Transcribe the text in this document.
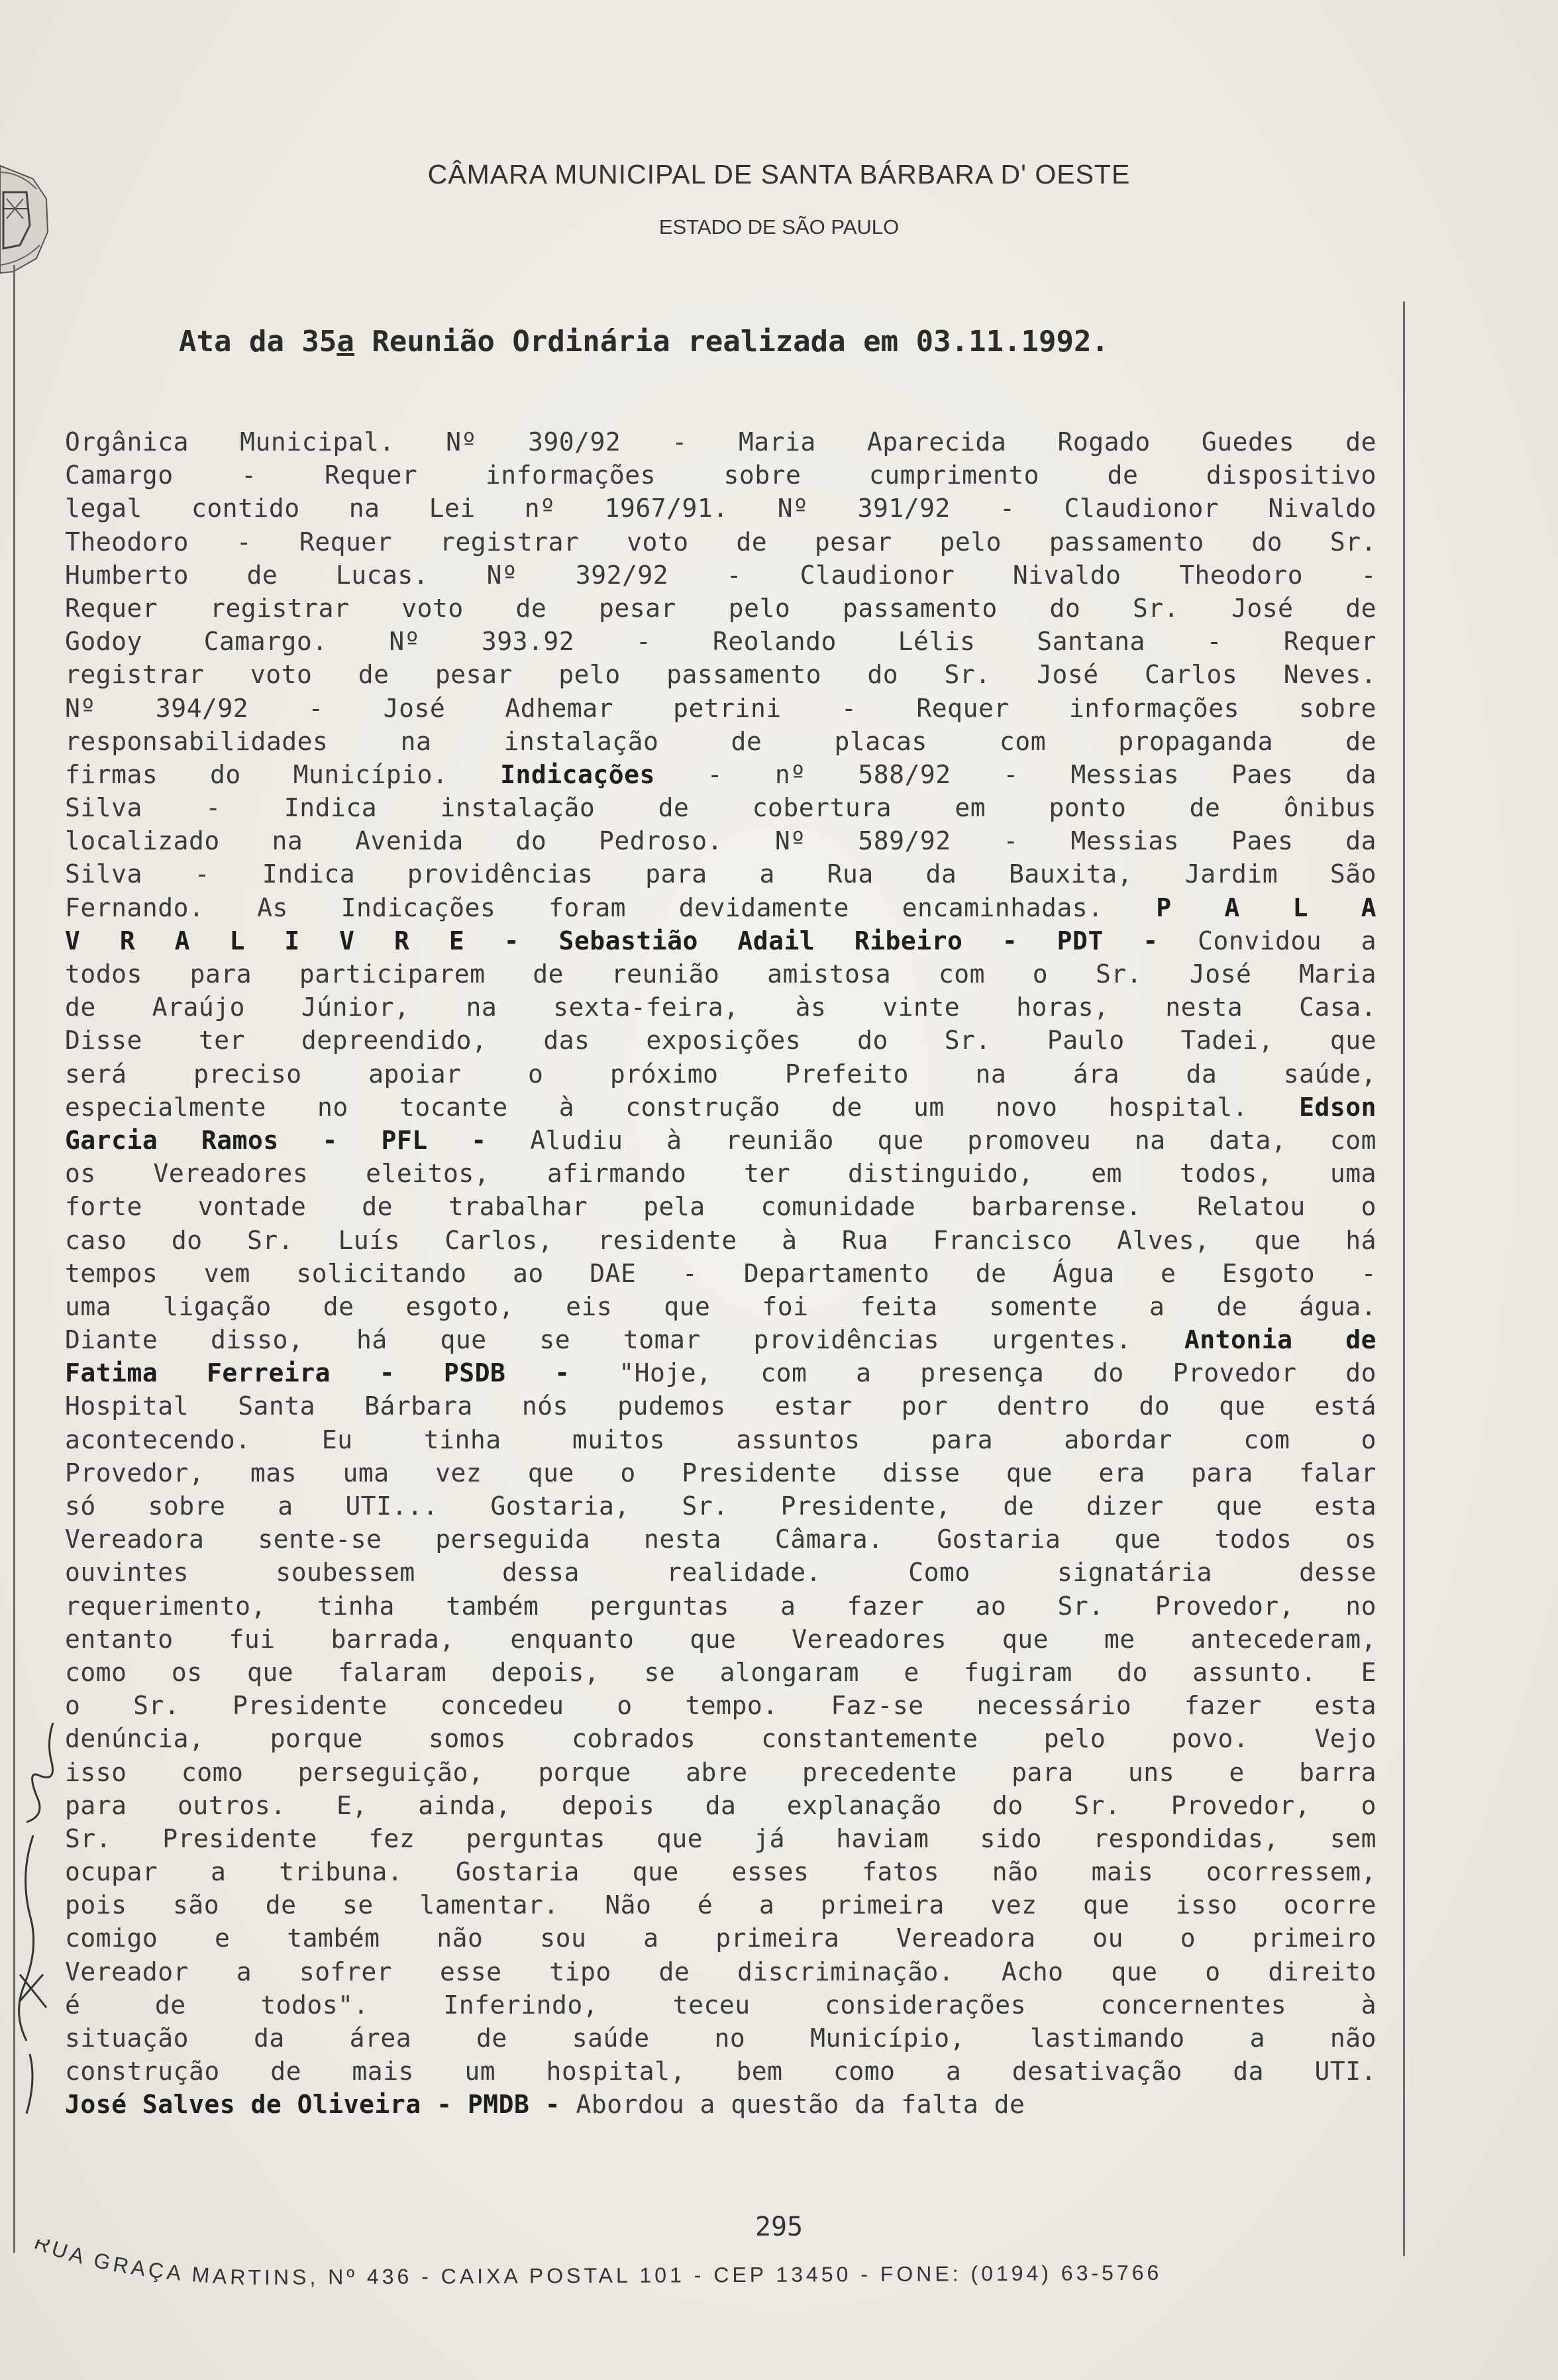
CÂMARA MUNICIPAL DE SANTA BÁRBARA D' OESTE
ESTADO DE SÃO PAULO
Ata da 35a Reunião Ordinária realizada em 03.11.1992.
Orgânica Municipal. Nº 390/92 - Maria Aparecida Rogado Guedes de
Camargo - Requer informações sobre cumprimento de dispositivo
legal contido na Lei nº 1967/91. Nº 391/92 - Claudionor Nivaldo
Theodoro - Requer registrar voto de pesar pelo passamento do Sr.
Humberto de Lucas. Nº 392/92 - Claudionor Nivaldo Theodoro -
Requer registrar voto de pesar pelo passamento do Sr. José de
Godoy Camargo. Nº 393.92 - Reolando Lélis Santana - Requer
registrar voto de pesar pelo passamento do Sr. José Carlos Neves.
Nº 394/92 - José Adhemar petrini - Requer informações sobre
responsabilidades na instalação de placas com propaganda de
firmas do Município. Indicações - nº 588/92 - Messias Paes da
Silva - Indica instalação de cobertura em ponto de ônibus
localizado na Avenida do Pedroso. Nº 589/92 - Messias Paes da
Silva - Indica providências para a Rua da Bauxita, Jardim São
Fernando. As Indicações foram devidamente encaminhadas. P A L A
V R A L I V R E - Sebastião Adail Ribeiro - PDT - Convidou a
todos para participarem de reunião amistosa com o Sr. José Maria
de Araújo Júnior, na sexta-feira, às vinte horas, nesta Casa.
Disse ter depreendido, das exposições do Sr. Paulo Tadei, que
será preciso apoiar o próximo Prefeito na ára da saúde,
especialmente no tocante à construção de um novo hospital. Edson
Garcia Ramos - PFL - Aludiu à reunião que promoveu na data, com
os Vereadores eleitos, afirmando ter distinguido, em todos, uma
forte vontade de trabalhar pela comunidade barbarense. Relatou o
caso do Sr. Luís Carlos, residente à Rua Francisco Alves, que há
tempos vem solicitando ao DAE - Departamento de Água e Esgoto -
uma ligação de esgoto, eis que foi feita somente a de água.
Diante disso, há que se tomar providências urgentes. Antonia de
Fatima Ferreira - PSDB - "Hoje, com a presença do Provedor do
Hospital Santa Bárbara nós pudemos estar por dentro do que está
acontecendo. Eu tinha muitos assuntos para abordar com o
Provedor, mas uma vez que o Presidente disse que era para falar
só sobre a UTI... Gostaria, Sr. Presidente, de dizer que esta
Vereadora sente-se perseguida nesta Câmara. Gostaria que todos os
ouvintes soubessem dessa realidade. Como signatária desse
requerimento, tinha também perguntas a fazer ao Sr. Provedor, no
entanto fui barrada, enquanto que Vereadores que me antecederam,
como os que falaram depois, se alongaram e fugiram do assunto. E
o Sr. Presidente concedeu o tempo. Faz-se necessário fazer esta
denúncia, porque somos cobrados constantemente pelo povo. Vejo
isso como perseguição, porque abre precedente para uns e barra
para outros. E, ainda, depois da explanação do Sr. Provedor, o
Sr. Presidente fez perguntas que já haviam sido respondidas, sem
ocupar a tribuna. Gostaria que esses fatos não mais ocorressem,
pois são de se lamentar. Não é a primeira vez que isso ocorre
comigo e também não sou a primeira Vereadora ou o primeiro
Vereador a sofrer esse tipo de discriminação. Acho que o direito
é de todos". Inferindo, teceu considerações concernentes à
situação da área de saúde no Município, lastimando a não
construção de mais um hospital, bem como a desativação da UTI.
José Salves de Oliveira - PMDB - Abordou a questão da falta de
295
RUA GRAÇA MARTINS, Nº 436 - CAIXA POSTAL 101 - CEP 13450 - FONE: (0194) 63-5766
